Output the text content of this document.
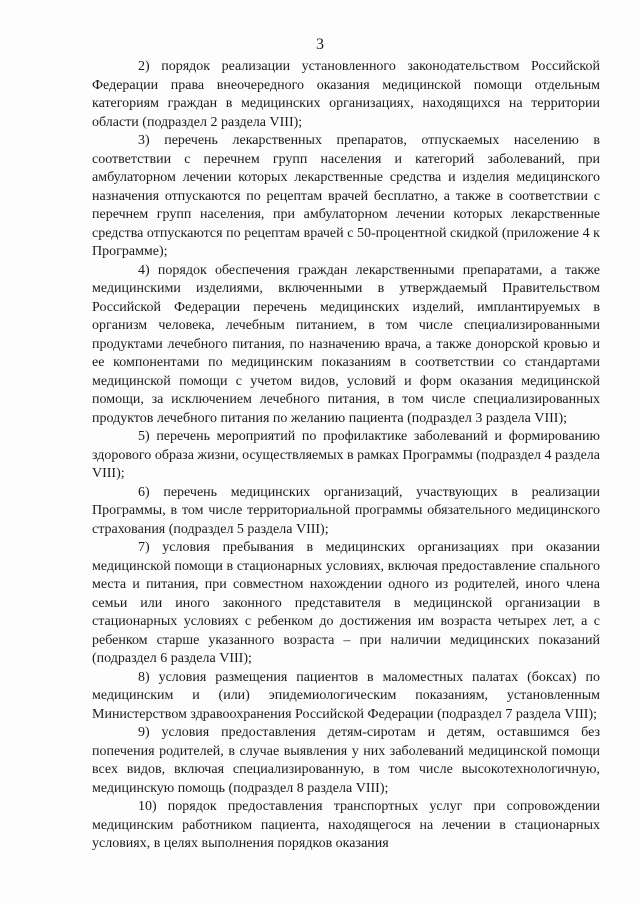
3

2) порядок реализации установленного законодательством Российской Федерации права внеочередного оказания медицинской помощи отдельным категориям граждан в медицинских организациях, находящихся на территории области (подраздел 2 раздела VIII);

3) перечень лекарственных препаратов, отпускаемых населению в соответствии с перечнем групп населения и категорий заболеваний, при амбулаторном лечении которых лекарственные средства и изделия медицинского назначения отпускаются по рецептам врачей бесплатно, а также в соответствии с перечнем групп населения, при амбулаторном лечении которых лекарственные средства отпускаются по рецептам врачей с 50-процентной скидкой (приложение 4 к Программе);

4) порядок обеспечения граждан лекарственными препаратами, а также медицинскими изделиями, включенными в утверждаемый Правительством Российской Федерации перечень медицинских изделий, имплантируемых в организм человека, лечебным питанием, в том числе специализированными продуктами лечебного питания, по назначению врача, а также донорской кровью и ее компонентами по медицинским показаниям в соответствии со стандартами медицинской помощи с учетом видов, условий и форм оказания медицинской помощи, за исключением лечебного питания, в том числе специализированных продуктов лечебного питания по желанию пациента (подраздел 3 раздела VIII);

5) перечень мероприятий по профилактике заболеваний и формированию здорового образа жизни, осуществляемых в рамках Программы (подраздел 4 раздела VIII);

6) перечень медицинских организаций, участвующих в реализации Программы, в том числе территориальной программы обязательного медицинского страхования (подраздел 5 раздела VIII);

7) условия пребывания в медицинских организациях при оказании медицинской помощи в стационарных условиях, включая предоставление спального места и питания, при совместном нахождении одного из родителей, иного члена семьи или иного законного представителя в медицинской организации в стационарных условиях с ребенком до достижения им возраста четырех лет, а с ребенком старше указанного возраста – при наличии медицинских показаний (подраздел 6 раздела VIII);

8) условия размещения пациентов в маломестных палатах (боксах) по медицинским и (или) эпидемиологическим показаниям, установленным Министерством здравоохранения Российской Федерации (подраздел 7 раздела VIII);

9) условия предоставления детям-сиротам и детям, оставшимся без попечения родителей, в случае выявления у них заболеваний медицинской помощи всех видов, включая специализированную, в том числе высокотехнологичную, медицинскую помощь (подраздел 8 раздела VIII);

10) порядок предоставления транспортных услуг при сопровождении медицинским работником пациента, находящегося на лечении в стационарных условиях, в целях выполнения порядков оказания
